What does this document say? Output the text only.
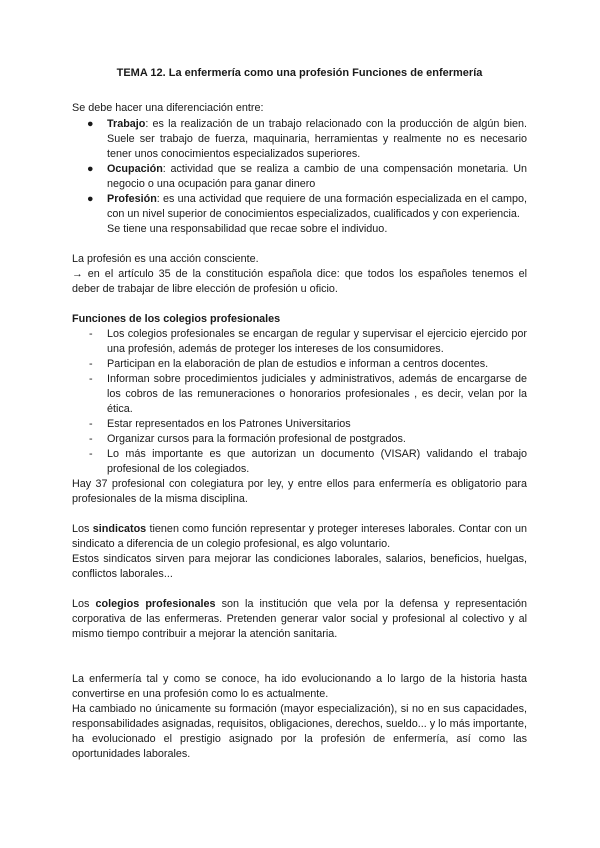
TEMA 12. La enfermería como una profesión Funciones de enfermería

Se debe hacer una diferenciación entre:

● Trabajo: es la realización de un trabajo relacionado con la producción de algún bien. Suele ser trabajo de fuerza, maquinaria, herramientas y realmente no es necesario tener unos conocimientos especializados superiores.
● Ocupación: actividad que se realiza a cambio de una compensación monetaria. Un negocio o una ocupación para ganar dinero
● Profesión: es una actividad que requiere de una formación especializada en el campo, con un nivel superior de conocimientos especializados, cualificados y con experiencia.

Se tiene una responsabilidad que recae sobre el individuo.

La profesión es una acción consciente.

→ en el artículo 35 de la constitución española dice: que todos los españoles tenemos el deber de trabajar de libre elección de profesión u oficio.

Funciones de los colegios profesionales

- Los colegios profesionales se encargan de regular y supervisar el ejercicio ejercido por una profesión, además de proteger los intereses de los consumidores.
- Participan en la elaboración de plan de estudios e informan a centros docentes.
- Informan sobre procedimientos judiciales y administrativos, además de encargarse de los cobros de las remuneraciones o honorarios profesionales , es decir, velan por la ética.
- Estar representados en los Patrones Universitarios
- Organizar cursos para la formación profesional de postgrados.
- Lo más importante es que autorizan un documento (VISAR) validando el trabajo profesional de los colegiados.

Hay 37 profesional con colegiatura por ley, y entre ellos para enfermería es obligatorio para profesionales de la misma disciplina.

Los sindicatos tienen como función representar y proteger intereses laborales. Contar con un sindicato a diferencia de un colegio profesional, es algo voluntario.

Estos sindicatos sirven para mejorar las condiciones laborales, salarios, beneficios, huelgas, conflictos laborales...

Los colegios profesionales son la institución que vela por la defensa y representación corporativa de las enfermeras. Pretenden generar valor social y profesional al colectivo y al mismo tiempo contribuir a mejorar la atención sanitaria.

La enfermería tal y como se conoce, ha ido evolucionando a lo largo de la historia hasta convertirse en una profesión como lo es actualmente.

Ha cambiado no únicamente su formación (mayor especialización), si no en sus capacidades, responsabilidades asignadas, requisitos, obligaciones, derechos, sueldo... y lo más importante, ha evolucionado el prestigio asignado por la profesión de enfermería, así como las oportunidades laborales.
